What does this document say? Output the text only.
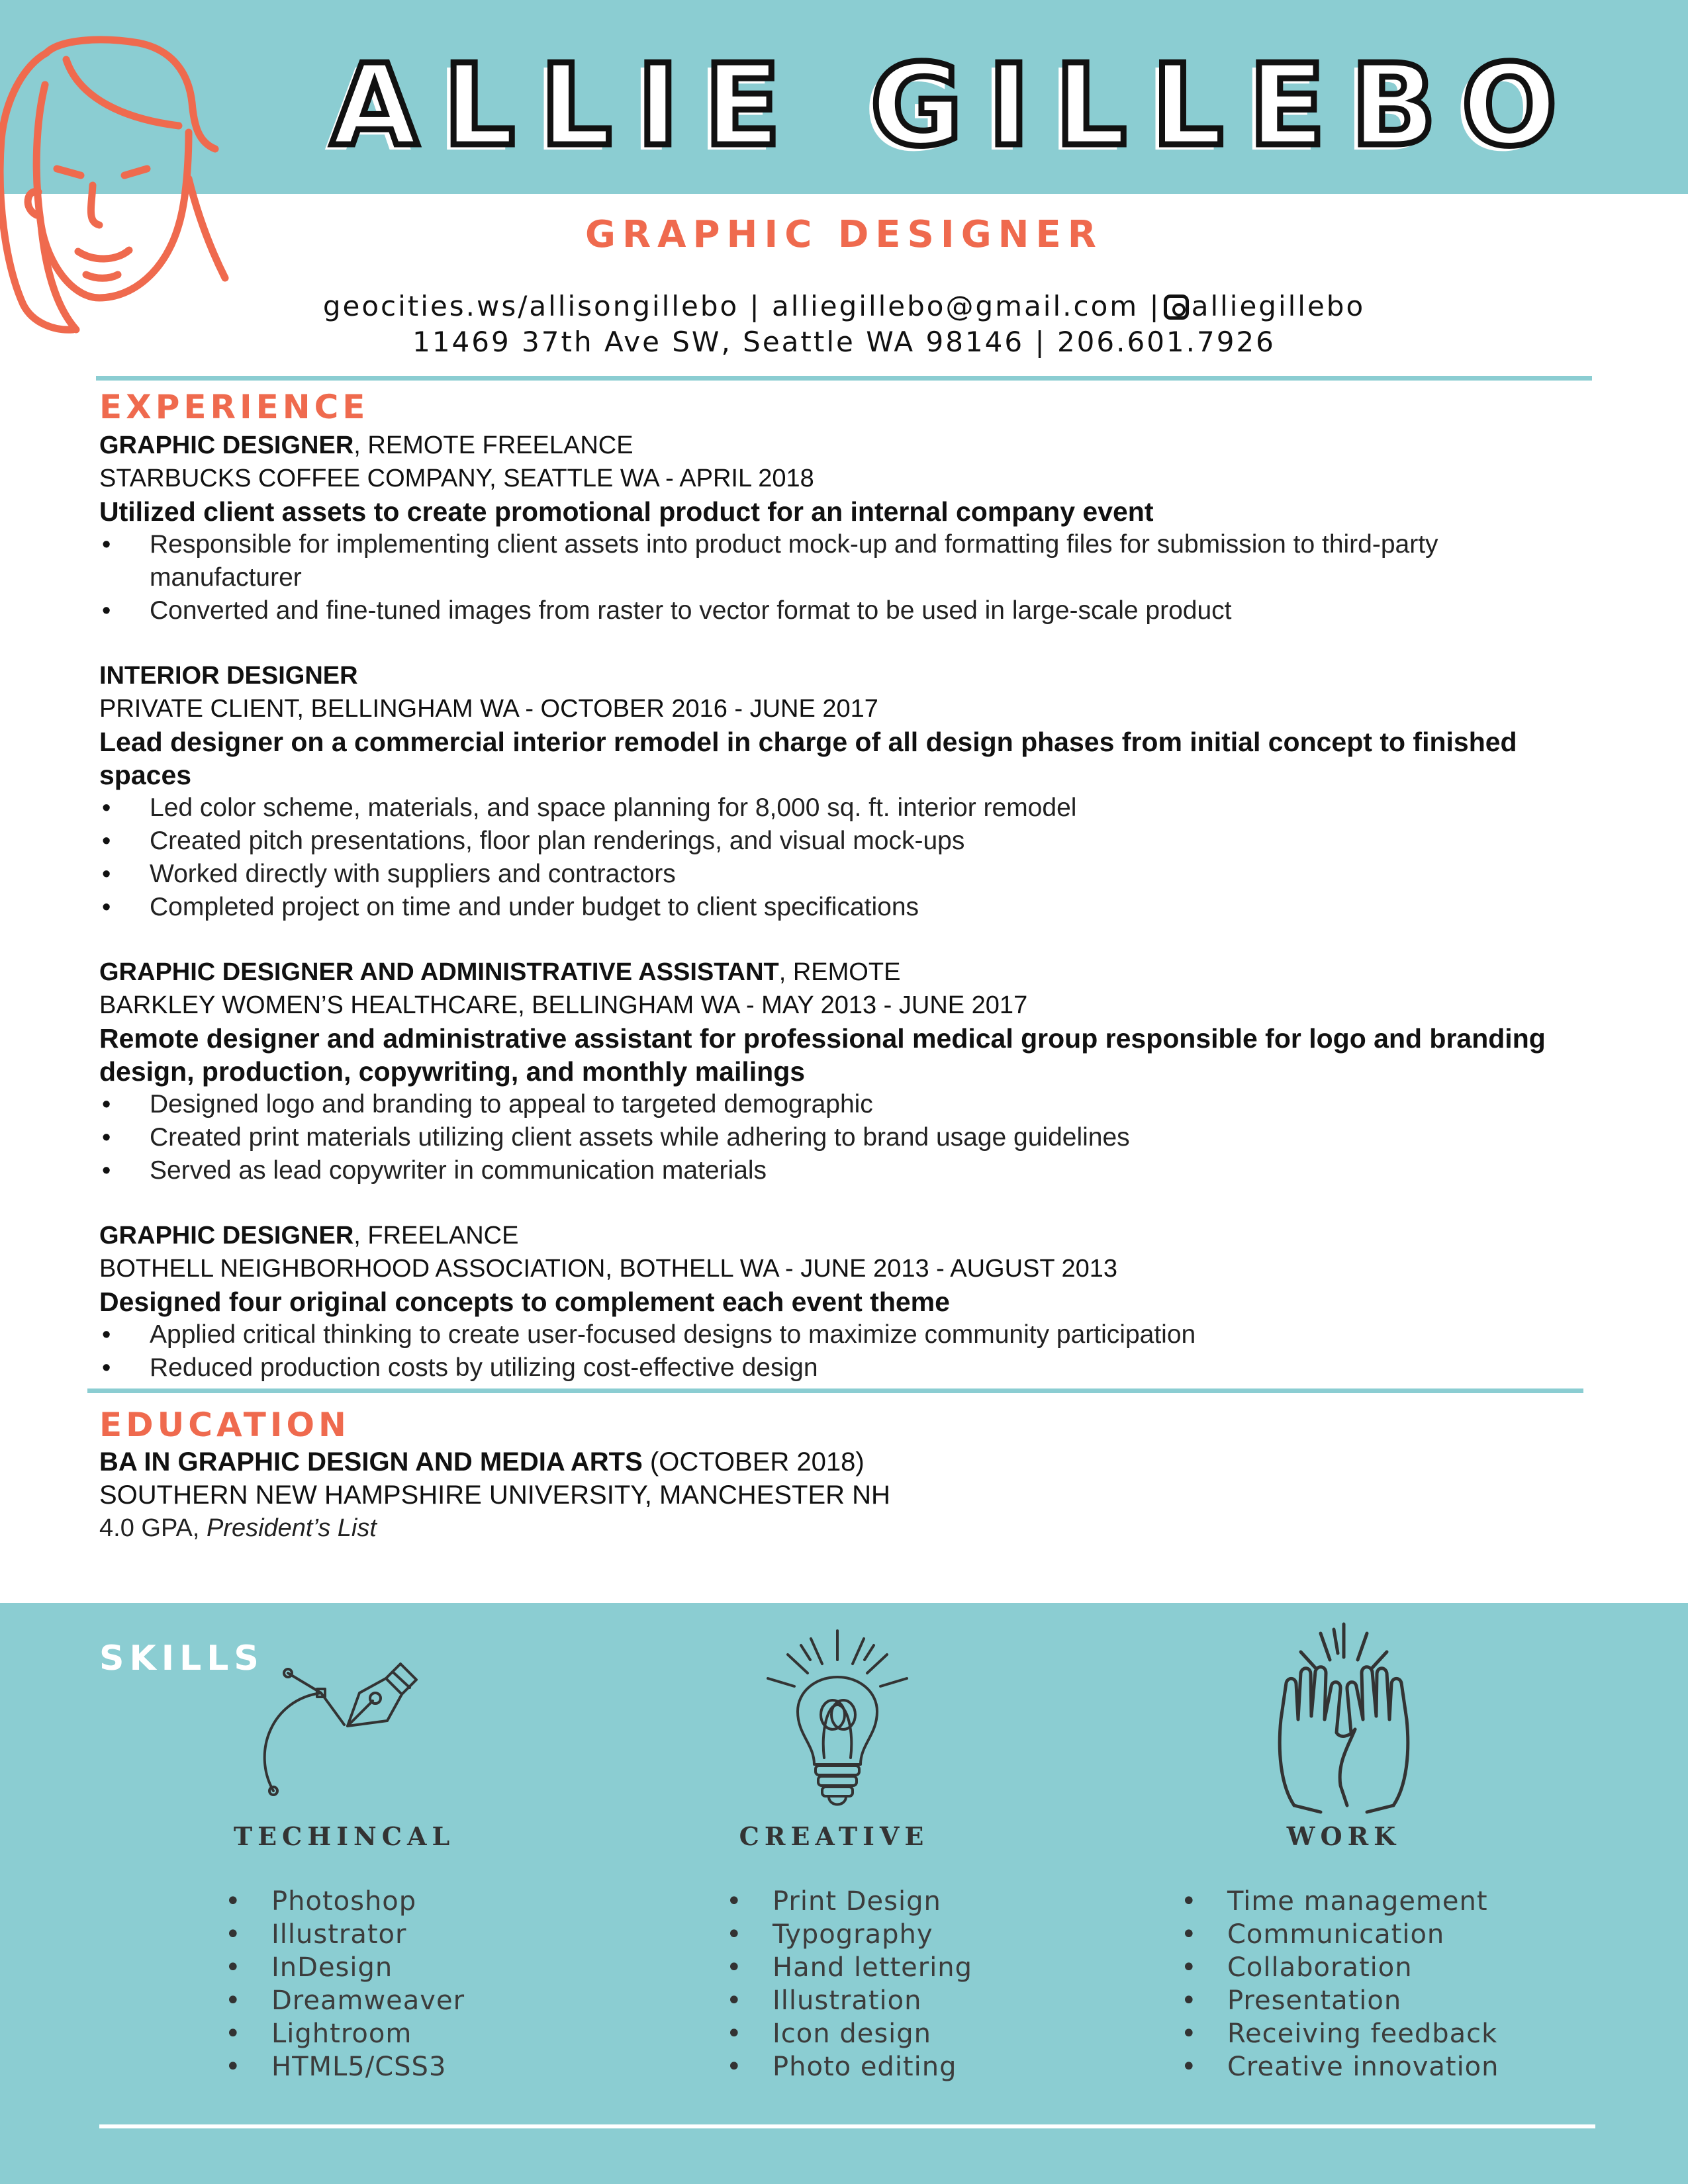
ALLIE GILLEBO
GRAPHIC DESIGNER
geocities.ws/allisongillebo | alliegillebo@gmail.com | alliegillebo
11469 37th Ave SW, Seattle WA 98146 | 206.601.7926
EXPERIENCE
GRAPHIC DESIGNER, REMOTE FREELANCE
STARBUCKS COFFEE COMPANY, SEATTLE WA - APRIL 2018
Utilized client assets to create promotional product for an internal company event
• Responsible for implementing client assets into product mock-up and formatting files for submission to third-party
manufacturer
• Converted and fine-tuned images from raster to vector format to be used in large-scale product
INTERIOR DESIGNER
PRIVATE CLIENT, BELLINGHAM WA - OCTOBER 2016 - JUNE 2017
Lead designer on a commercial interior remodel in charge of all design phases from initial concept to finished spaces
• Led color scheme, materials, and space planning for 8,000 sq. ft. interior remodel
• Created pitch presentations, floor plan renderings, and visual mock-ups
• Worked directly with suppliers and contractors
• Completed project on time and under budget to client specifications
GRAPHIC DESIGNER AND ADMINISTRATIVE ASSISTANT, REMOTE
BARKLEY WOMEN’S HEALTHCARE, BELLINGHAM WA - MAY 2013 - JUNE 2017
Remote designer and administrative assistant for professional medical group responsible for logo and branding
design, production, copywriting, and monthly mailings
• Designed logo and branding to appeal to targeted demographic
• Created print materials utilizing client assets while adhering to brand usage guidelines
• Served as lead copywriter in communication materials
GRAPHIC DESIGNER, FREELANCE
BOTHELL NEIGHBORHOOD ASSOCIATION, BOTHELL WA - JUNE 2013 - AUGUST 2013
Designed four original concepts to complement each event theme
• Applied critical thinking to create user-focused designs to maximize community participation
• Reduced production costs by utilizing cost-effective design
EDUCATION
BA IN GRAPHIC DESIGN AND MEDIA ARTS (OCTOBER 2018)
SOUTHERN NEW HAMPSHIRE UNIVERSITY, MANCHESTER NH
4.0 GPA, President’s List
SKILLS
TECHINCAL	CREATIVE	WORK
• Photoshop
• Illustrator
• InDesign
• Dreamweaver
• Lightroom
• HTML5/CSS3
• Print Design
• Typography
• Hand lettering
• Illustration
• Icon design
• Photo editing
• Time management
• Communication
• Collaboration
• Presentation
• Receiving feedback
• Creative innovation
